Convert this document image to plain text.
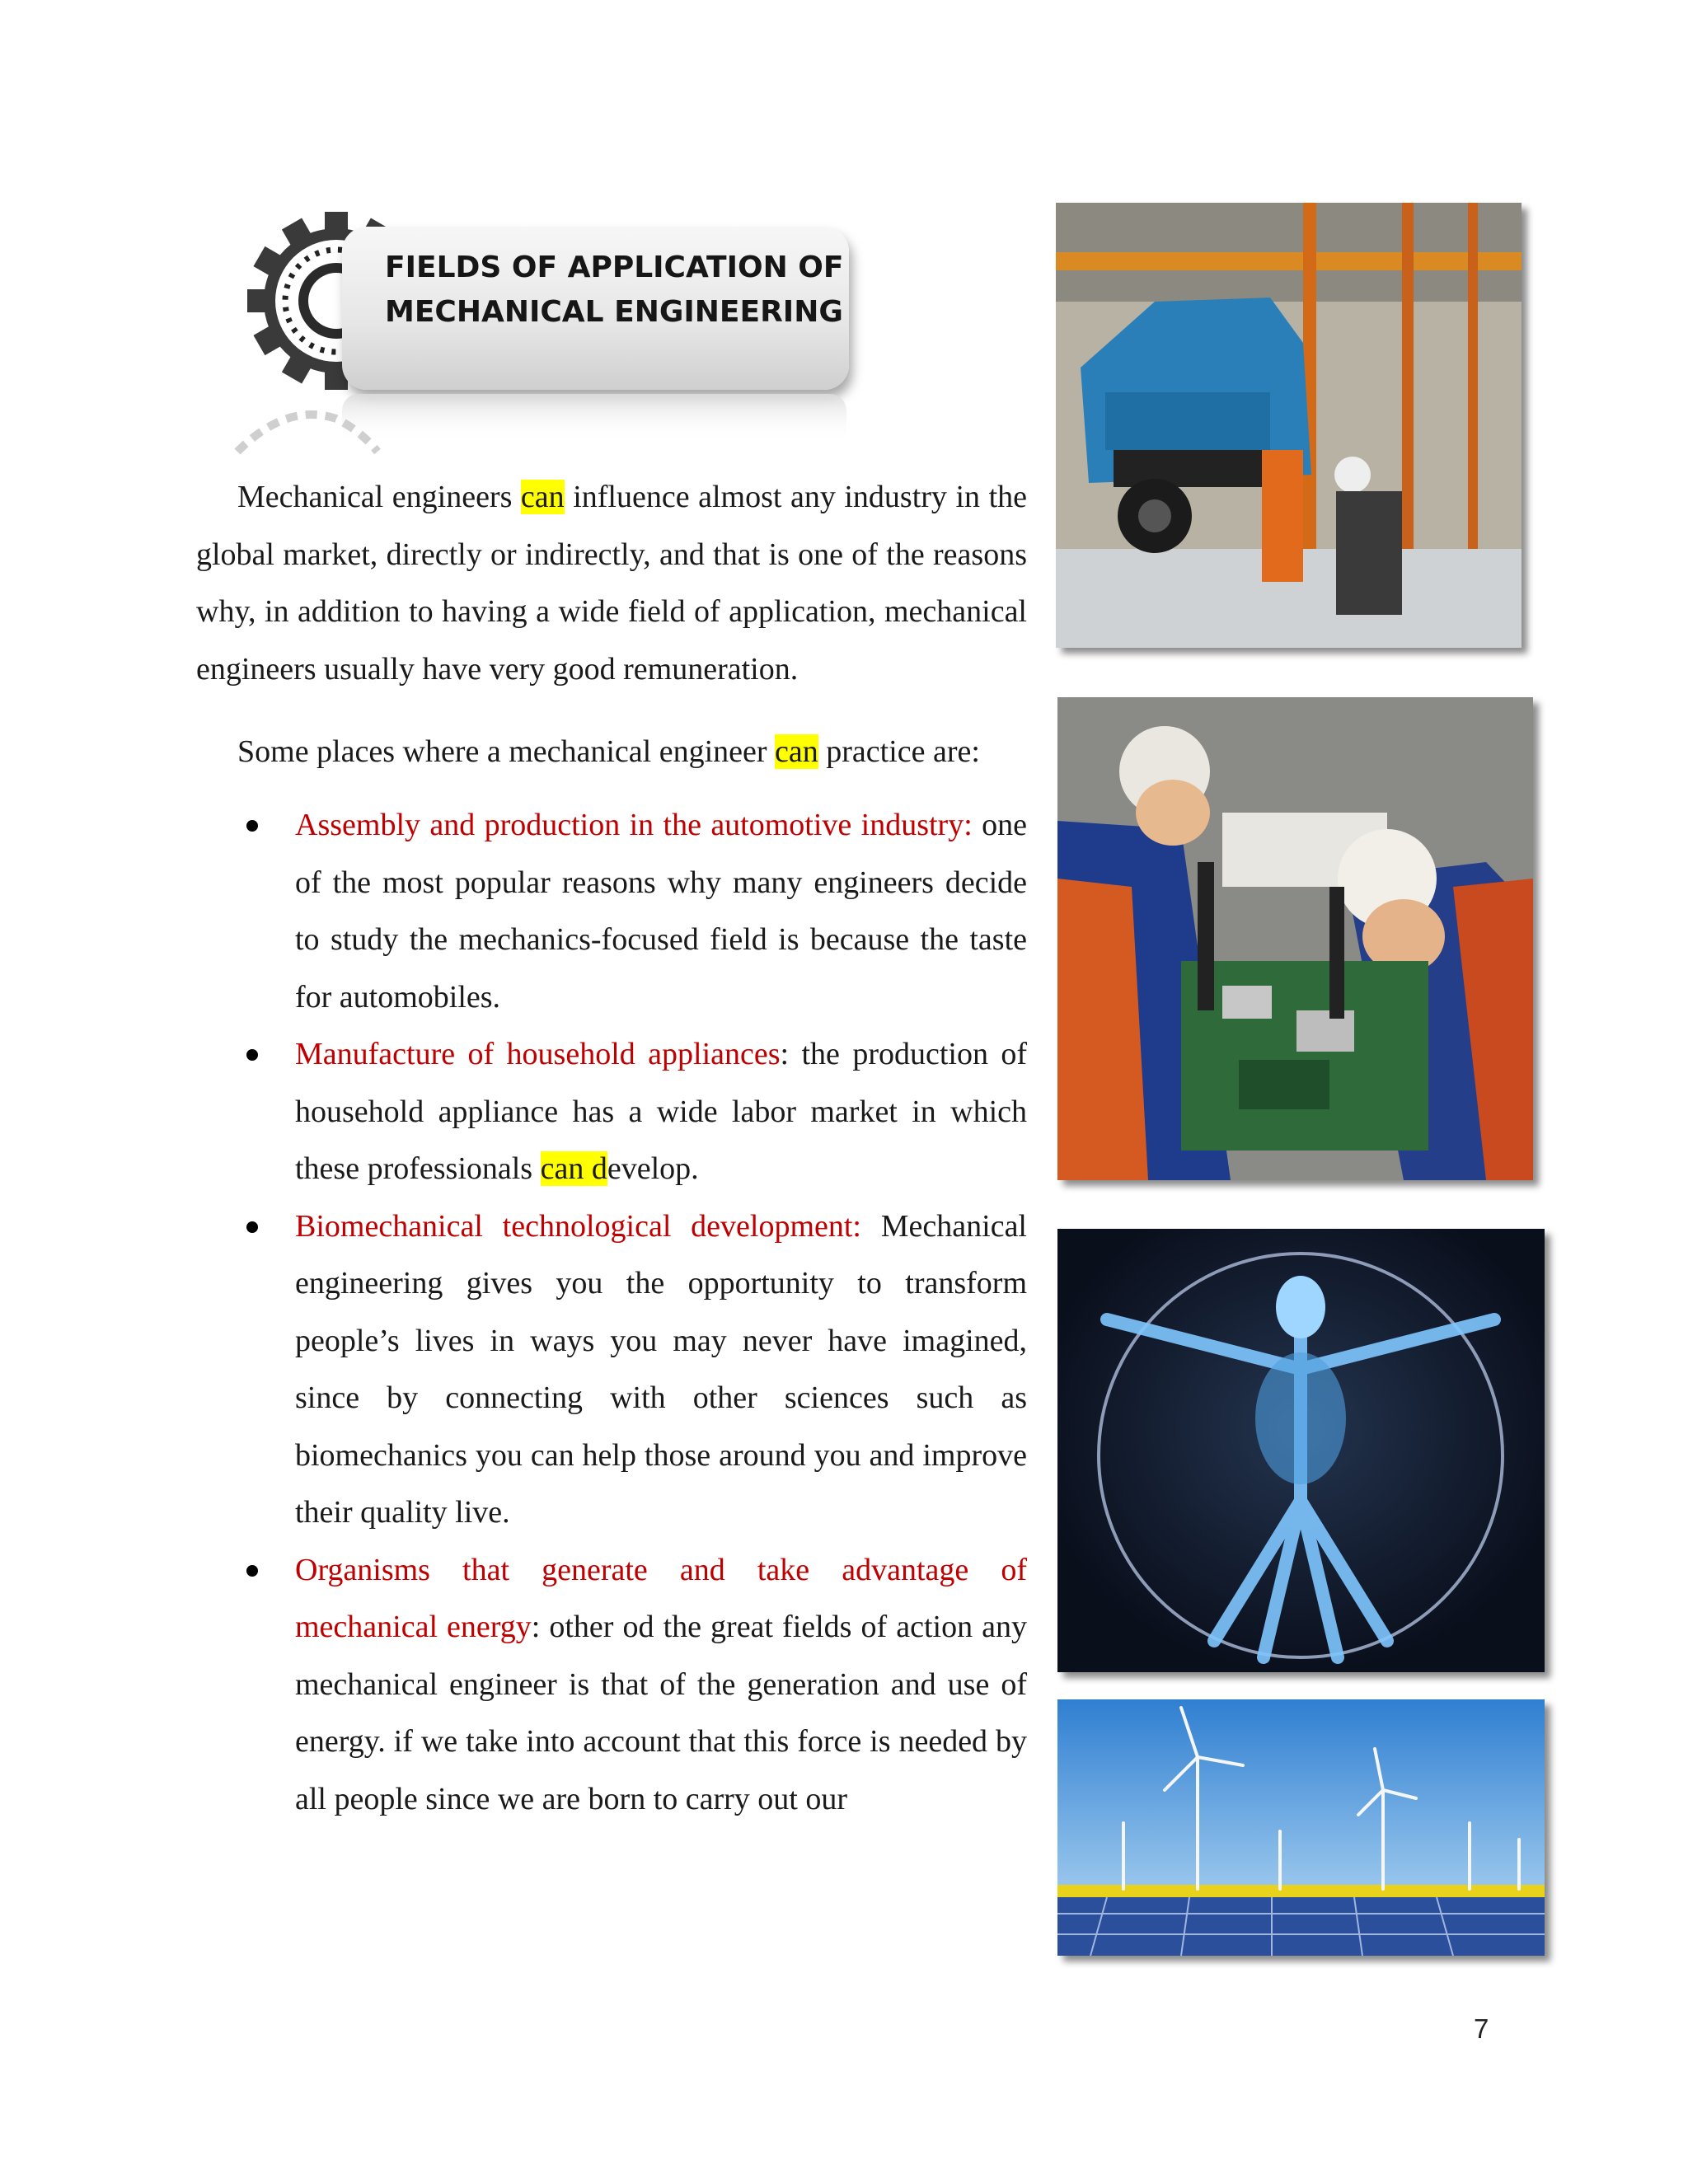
FIELDS OF APPLICATION OF
MECHANICAL ENGINEERING
Mechanical engineers can influence almost any industry in the global market, directly or indirectly, and that is one of the reasons why, in addition to having a wide field of application, mechanical engineers usually have very good remuneration.
Some places where a mechanical engineer can practice are:
Assembly and production in the automotive industry: one of the most popular reasons why many engineers decide to study the mechanics-focused field is because the taste for automobiles.
Manufacture of household appliances: the production of household appliance has a wide labor market in which these professionals can develop.
Biomechanical technological development: Mechanical engineering gives you the opportunity to transform people’s lives in ways you may never have imagined, since by connecting with other sciences such as biomechanics you can help those around you and improve their quality live.
Organisms that generate and take advantage of mechanical energy: other od the great fields of action any mechanical engineer is that of the generation and use of energy. if we take into account that this force is needed by all people since we are born to carry out our
7
